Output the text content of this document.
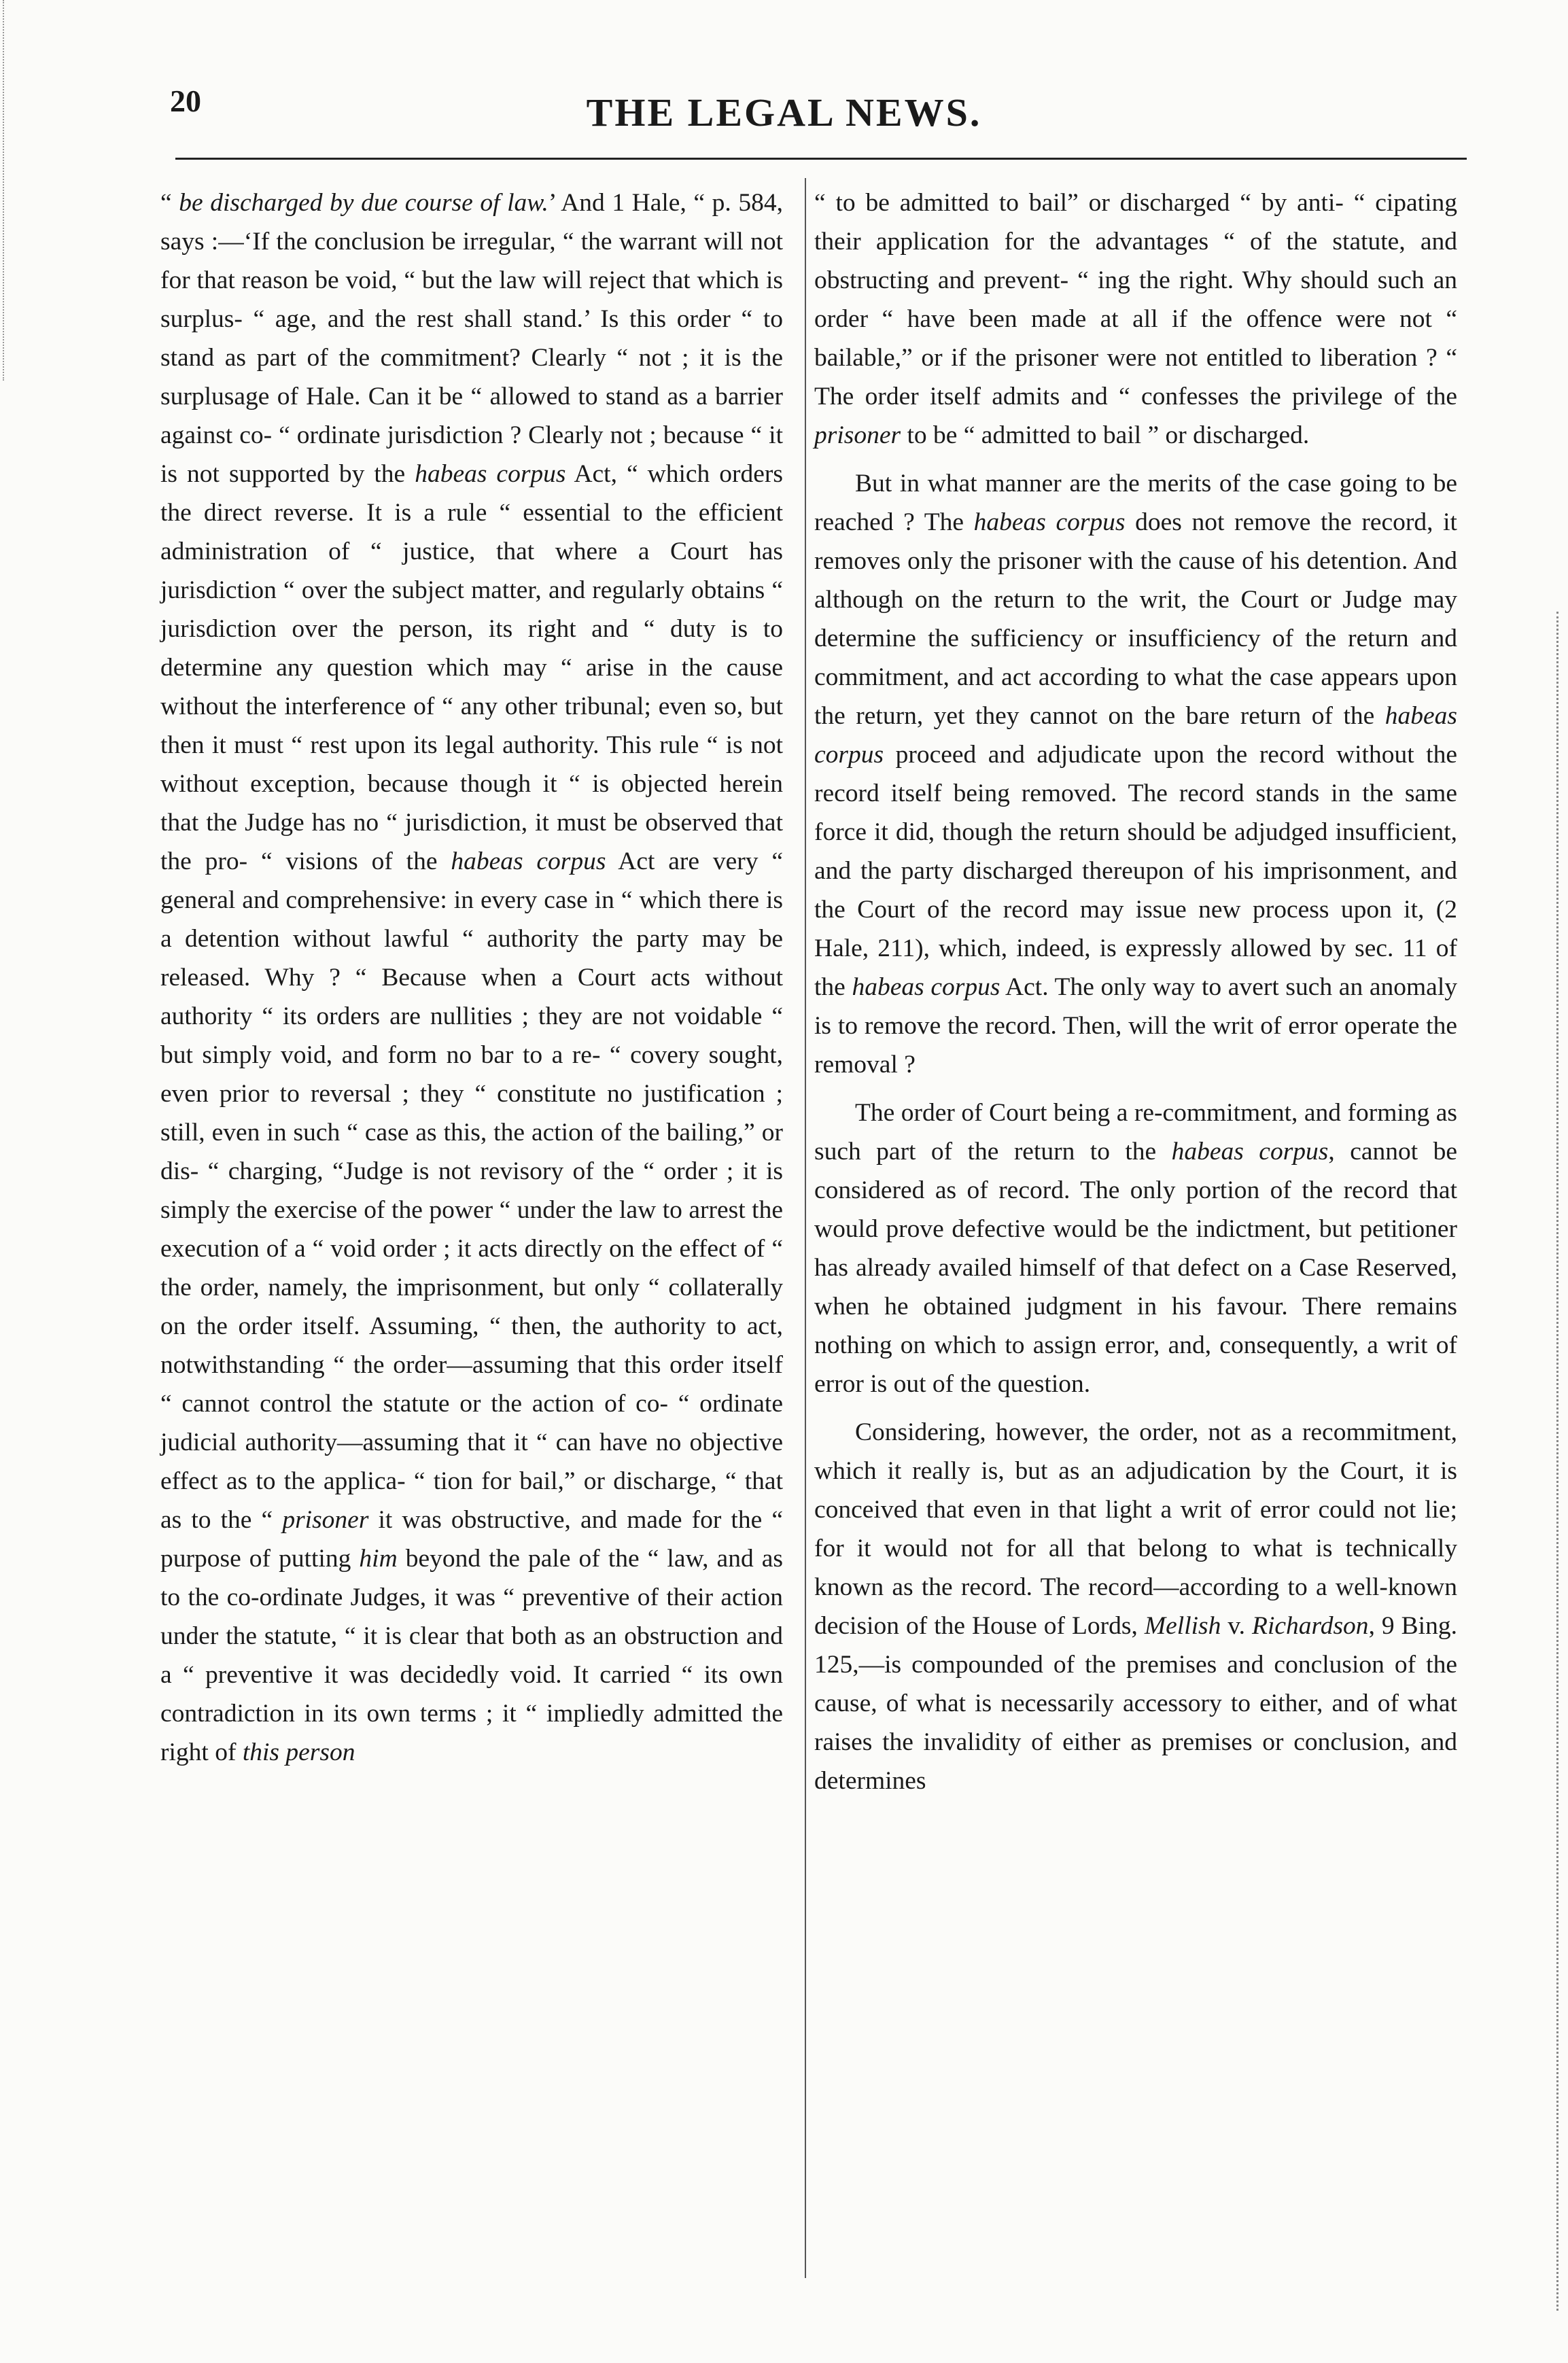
20	THE LEGAL NEWS.

“ be discharged by due course of law.’ And 1 Hale, “ p. 584, says :—‘If the conclusion be irregular, “ the warrant will not for that reason be void, “ but the law will reject that which is surplus- “ age, and the rest shall stand.’ Is this order “ to stand as part of the commitment? Clearly “ not ; it is the surplusage of Hale. Can it be “ allowed to stand as a barrier against co- “ ordinate jurisdiction ? Clearly not ; because “ it is not supported by the habeas corpus Act, “ which orders the direct reverse. It is a rule “ essential to the efficient administration of “ justice, that where a Court has jurisdiction “ over the subject matter, and regularly obtains “ jurisdiction over the person, its right and “ duty is to determine any question which may “ arise in the cause without the interference of “ any other tribunal; even so, but then it must “ rest upon its legal authority. This rule “ is not without exception, because though it “ is objected herein that the Judge has no “ jurisdiction, it must be observed that the pro- “ visions of the habeas corpus Act are very “ general and comprehensive: in every case in “ which there is a detention without lawful “ authority the party may be released. Why ? “ Because when a Court acts without authority “ its orders are nullities ; they are not voidable “ but simply void, and form no bar to a re- “ covery sought, even prior to reversal ; they “ constitute no justification ; still, even in such “ case as this, the action of the bailing,” or dis- “ charging, “Judge is not revisory of the “ order ; it is simply the exercise of the power “ under the law to arrest the execution of a “ void order ; it acts directly on the effect of “ the order, namely, the imprisonment, but only “ collaterally on the order itself. Assuming, “ then, the authority to act, notwithstanding “ the order—assuming that this order itself “ cannot control the statute or the action of co- “ ordinate judicial authority—assuming that it “ can have no objective effect as to the applica- “ tion for bail,” or discharge, “ that as to the “ prisoner it was obstructive, and made for the “ purpose of putting him beyond the pale of the “ law, and as to the co-ordinate Judges, it was “ preventive of their action under the statute, “ it is clear that both as an obstruction and a “ preventive it was decidedly void. It carried “ its own contradiction in its own terms ; it “ impliedly admitted the right of this person

“ to be admitted to bail” or discharged “ by anti- “ cipating their application for the advantages “ of the statute, and obstructing and prevent- “ ing the right. Why should such an order “ have been made at all if the offence were not “ bailable,” or if the prisoner were not entitled to liberation ? “ The order itself admits and “ confesses the privilege of the prisoner to be “ admitted to bail ” or discharged.

But in what manner are the merits of the case going to be reached ? The habeas corpus does not remove the record, it removes only the prisoner with the cause of his detention. And although on the return to the writ, the Court or Judge may determine the sufficiency or insufficiency of the return and commitment, and act according to what the case appears upon the return, yet they cannot on the bare return of the habeas corpus proceed and adjudicate upon the record without the record itself being removed. The record stands in the same force it did, though the return should be adjudged insufficient, and the party discharged thereupon of his imprisonment, and the Court of the record may issue new process upon it, (2 Hale, 211), which, indeed, is expressly allowed by sec. 11 of the habeas corpus Act. The only way to avert such an anomaly is to remove the record. Then, will the writ of error operate the removal ?

The order of Court being a re-commitment, and forming as such part of the return to the habeas corpus, cannot be considered as of record. The only portion of the record that would prove defective would be the indictment, but petitioner has already availed himself of that defect on a Case Reserved, when he obtained judgment in his favour. There remains nothing on which to assign error, and, consequently, a writ of error is out of the question.

Considering, however, the order, not as a recommitment, which it really is, but as an adjudication by the Court, it is conceived that even in that light a writ of error could not lie; for it would not for all that belong to what is technically known as the record. The record—according to a well-known decision of the House of Lords, Mellish v. Richardson, 9 Bing. 125,—is compounded of the premises and conclusion of the cause, of what is necessarily accessory to either, and of what raises the invalidity of either as premises or conclusion, and determines
